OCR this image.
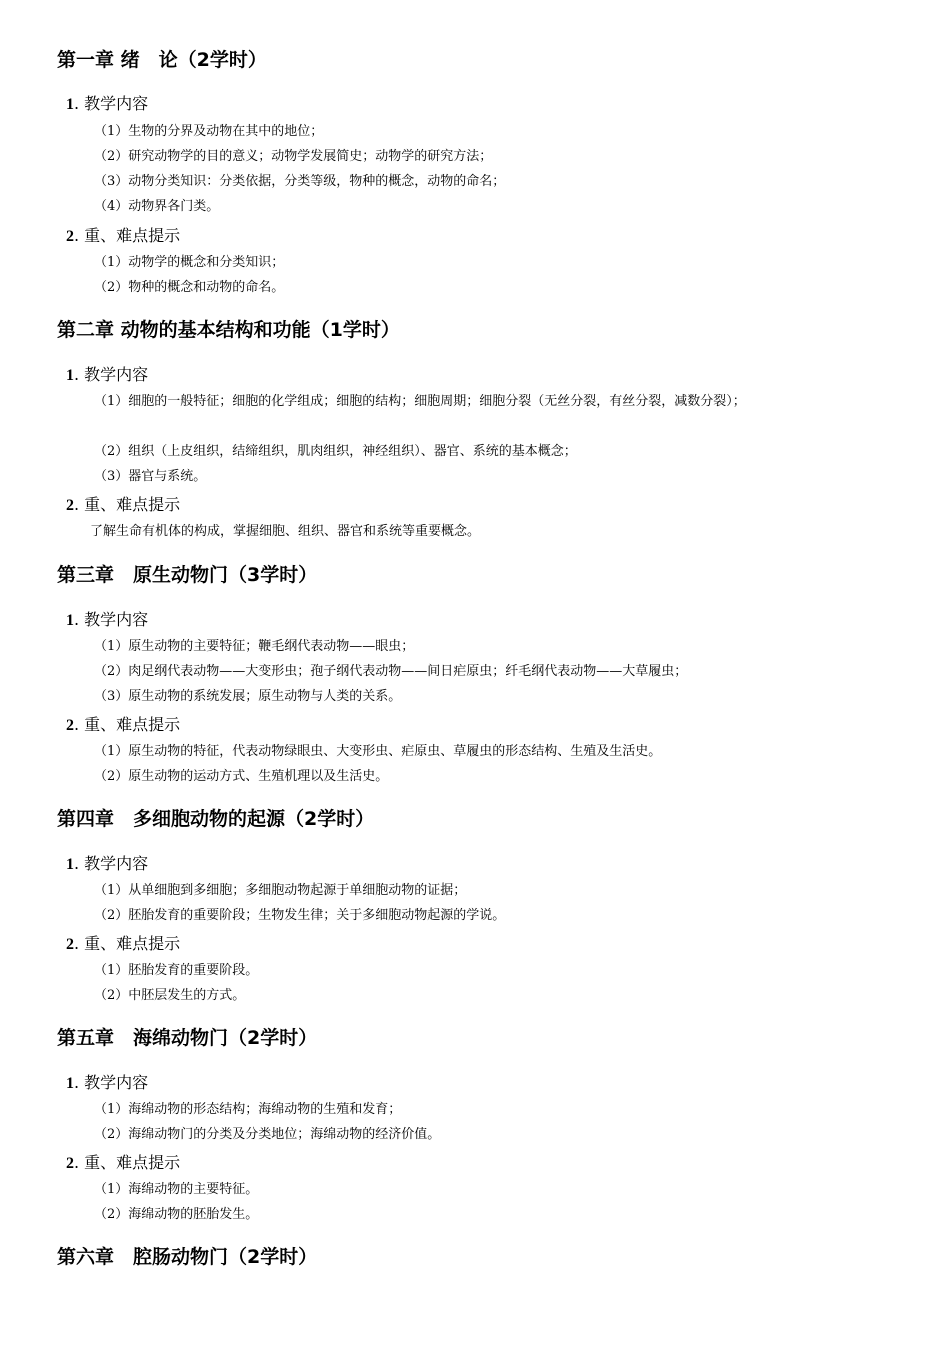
第一章 绪　论（2学时）
1. 教学内容
（1）生物的分界及动物在其中的地位；
（2）研究动物学的目的意义；动物学发展简史；动物学的研究方法；
（3）动物分类知识：分类依据，分类等级，物种的概念，动物的命名；
（4）动物界各门类。
2. 重、难点提示
（1）动物学的概念和分类知识；
（2）物种的概念和动物的命名。
第二章 动物的基本结构和功能（1学时）
1. 教学内容
（1）细胞的一般特征；细胞的化学组成；细胞的结构；细胞周期；细胞分裂（无丝分裂，有丝分裂，减数分裂）；
（2）组织（上皮组织，结缔组织，肌肉组织，神经组织）、器官、系统的基本概念；
（3）器官与系统。
2. 重、难点提示
了解生命有机体的构成，掌握细胞、组织、器官和系统等重要概念。
第三章　原生动物门（3学时）
1. 教学内容
（1）原生动物的主要特征；鞭毛纲代表动物——眼虫；
（2）肉足纲代表动物——大变形虫；孢子纲代表动物——间日疟原虫；纤毛纲代表动物——大草履虫；
（3）原生动物的系统发展；原生动物与人类的关系。
2. 重、难点提示
（1）原生动物的特征，代表动物绿眼虫、大变形虫、疟原虫、草履虫的形态结构、生殖及生活史。
（2）原生动物的运动方式、生殖机理以及生活史。
第四章　多细胞动物的起源（2学时）
1. 教学内容
（1）从单细胞到多细胞；多细胞动物起源于单细胞动物的证据；
（2）胚胎发育的重要阶段；生物发生律；关于多细胞动物起源的学说。
2. 重、难点提示
（1）胚胎发育的重要阶段。
（2）中胚层发生的方式。
第五章　海绵动物门（2学时）
1. 教学内容
（1）海绵动物的形态结构；海绵动物的生殖和发育；
（2）海绵动物门的分类及分类地位；海绵动物的经济价值。
2. 重、难点提示
（1）海绵动物的主要特征。
（2）海绵动物的胚胎发生。
第六章　腔肠动物门（2学时）
